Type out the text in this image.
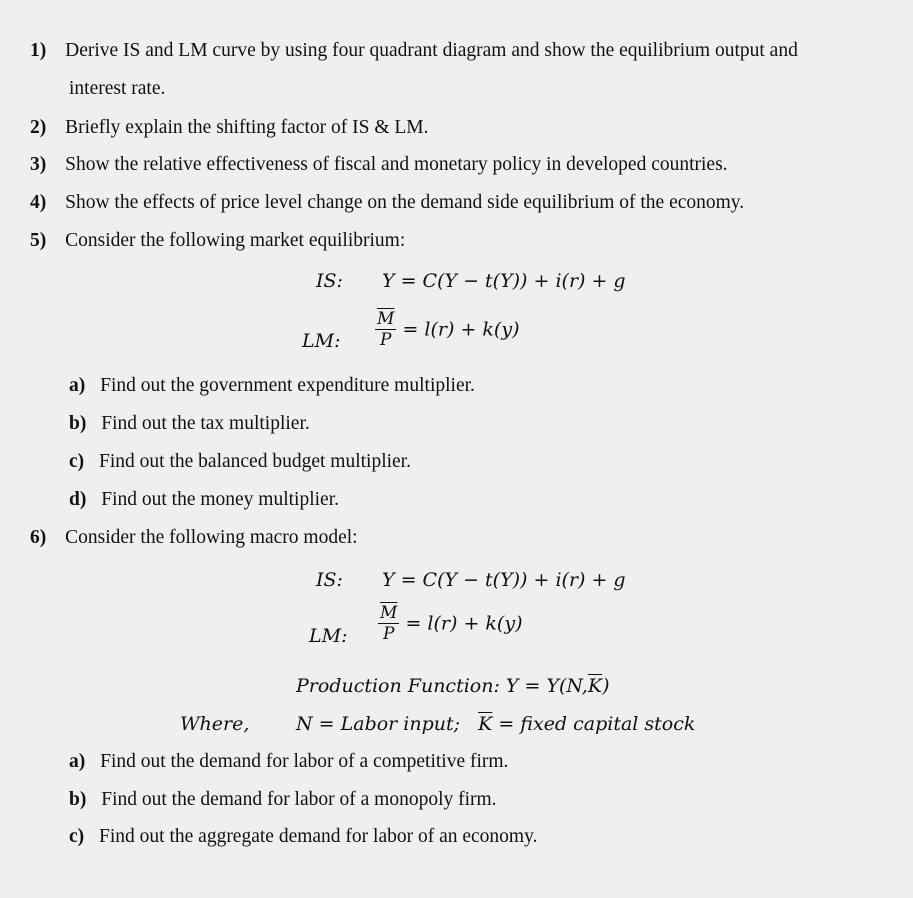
1) Derive IS and LM curve by using four quadrant diagram and show the equilibrium output and
interest rate.
2) Briefly explain the shifting factor of IS & LM.
3) Show the relative effectiveness of fiscal and monetary policy in developed countries.
4) Show the effects of price level change on the demand side equilibrium of the economy.
5) Consider the following market equilibrium:
IS: Y = C(Y − t(Y)) + i(r) + g
LM: $\frac{\overline{M}}{P} = l(r) + k(y)$
a) Find out the government expenditure multiplier.
b) Find out the tax multiplier.
c) Find out the balanced budget multiplier.
d) Find out the money multiplier.
6) Consider the following macro model:
IS: Y = C(Y − t(Y)) + i(r) + g
LM: $\frac{\overline{M}}{P} = l(r) + k(y)$
Production Function: $Y = Y(N,\overline{K})$
Where, N = Labor input; $\overline{K}$ = fixed capital stock
a) Find out the demand for labor of a competitive firm.
b) Find out the demand for labor of a monopoly firm.
c) Find out the aggregate demand for labor of an economy.
